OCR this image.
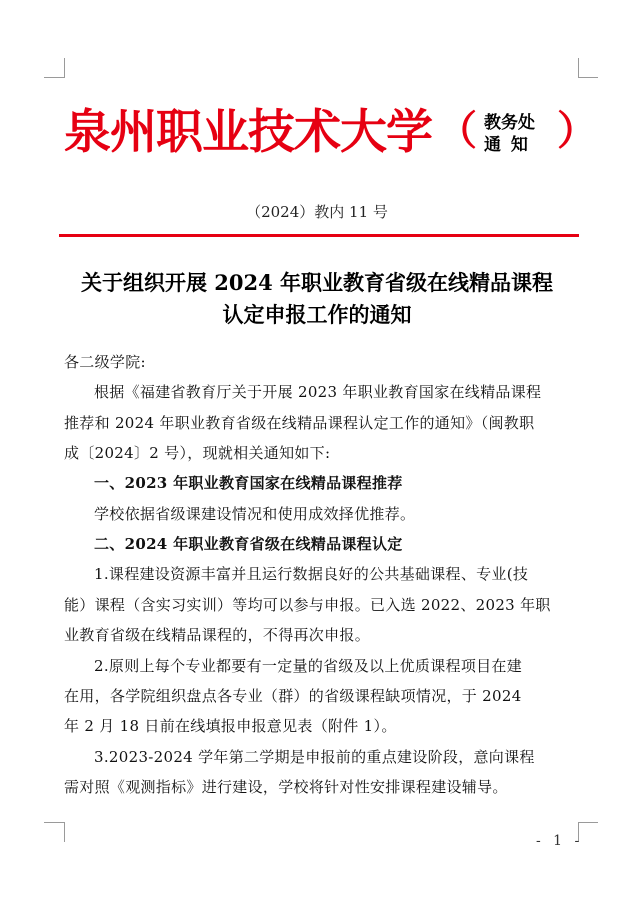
泉州职业技术大学 （ 教务处
通 知 ）
（2024）教内 11 号
关于组织开展 2024 年职业教育省级在线精品课程
认定申报工作的通知
各二级学院:
根据《福建省教育厅关于开展 2023 年职业教育国家在线精品课程
推荐和 2024 年职业教育省级在线精品课程认定工作的通知》（闽教职
成〔2024〕2 号），现就相关通知如下:
一、2023 年职业教育国家在线精品课程推荐
学校依据省级课建设情况和使用成效择优推荐。
二、2024 年职业教育省级在线精品课程认定
1.课程建设资源丰富并且运行数据良好的公共基础课程、专业(技
能）课程（含实习实训）等均可以参与申报。已入选 2022、2023 年职
业教育省级在线精品课程的，不得再次申报。
2.原则上每个专业都要有一定量的省级及以上优质课程项目在建
在用，各学院组织盘点各专业（群）的省级课程缺项情况，于 2024
年 2 月 18 日前在线填报申报意见表（附件 1）。
3.2023-2024 学年第二学期是申报前的重点建设阶段，意向课程
需对照《观测指标》进行建设，学校将针对性安排课程建设辅导。
- 1 -
